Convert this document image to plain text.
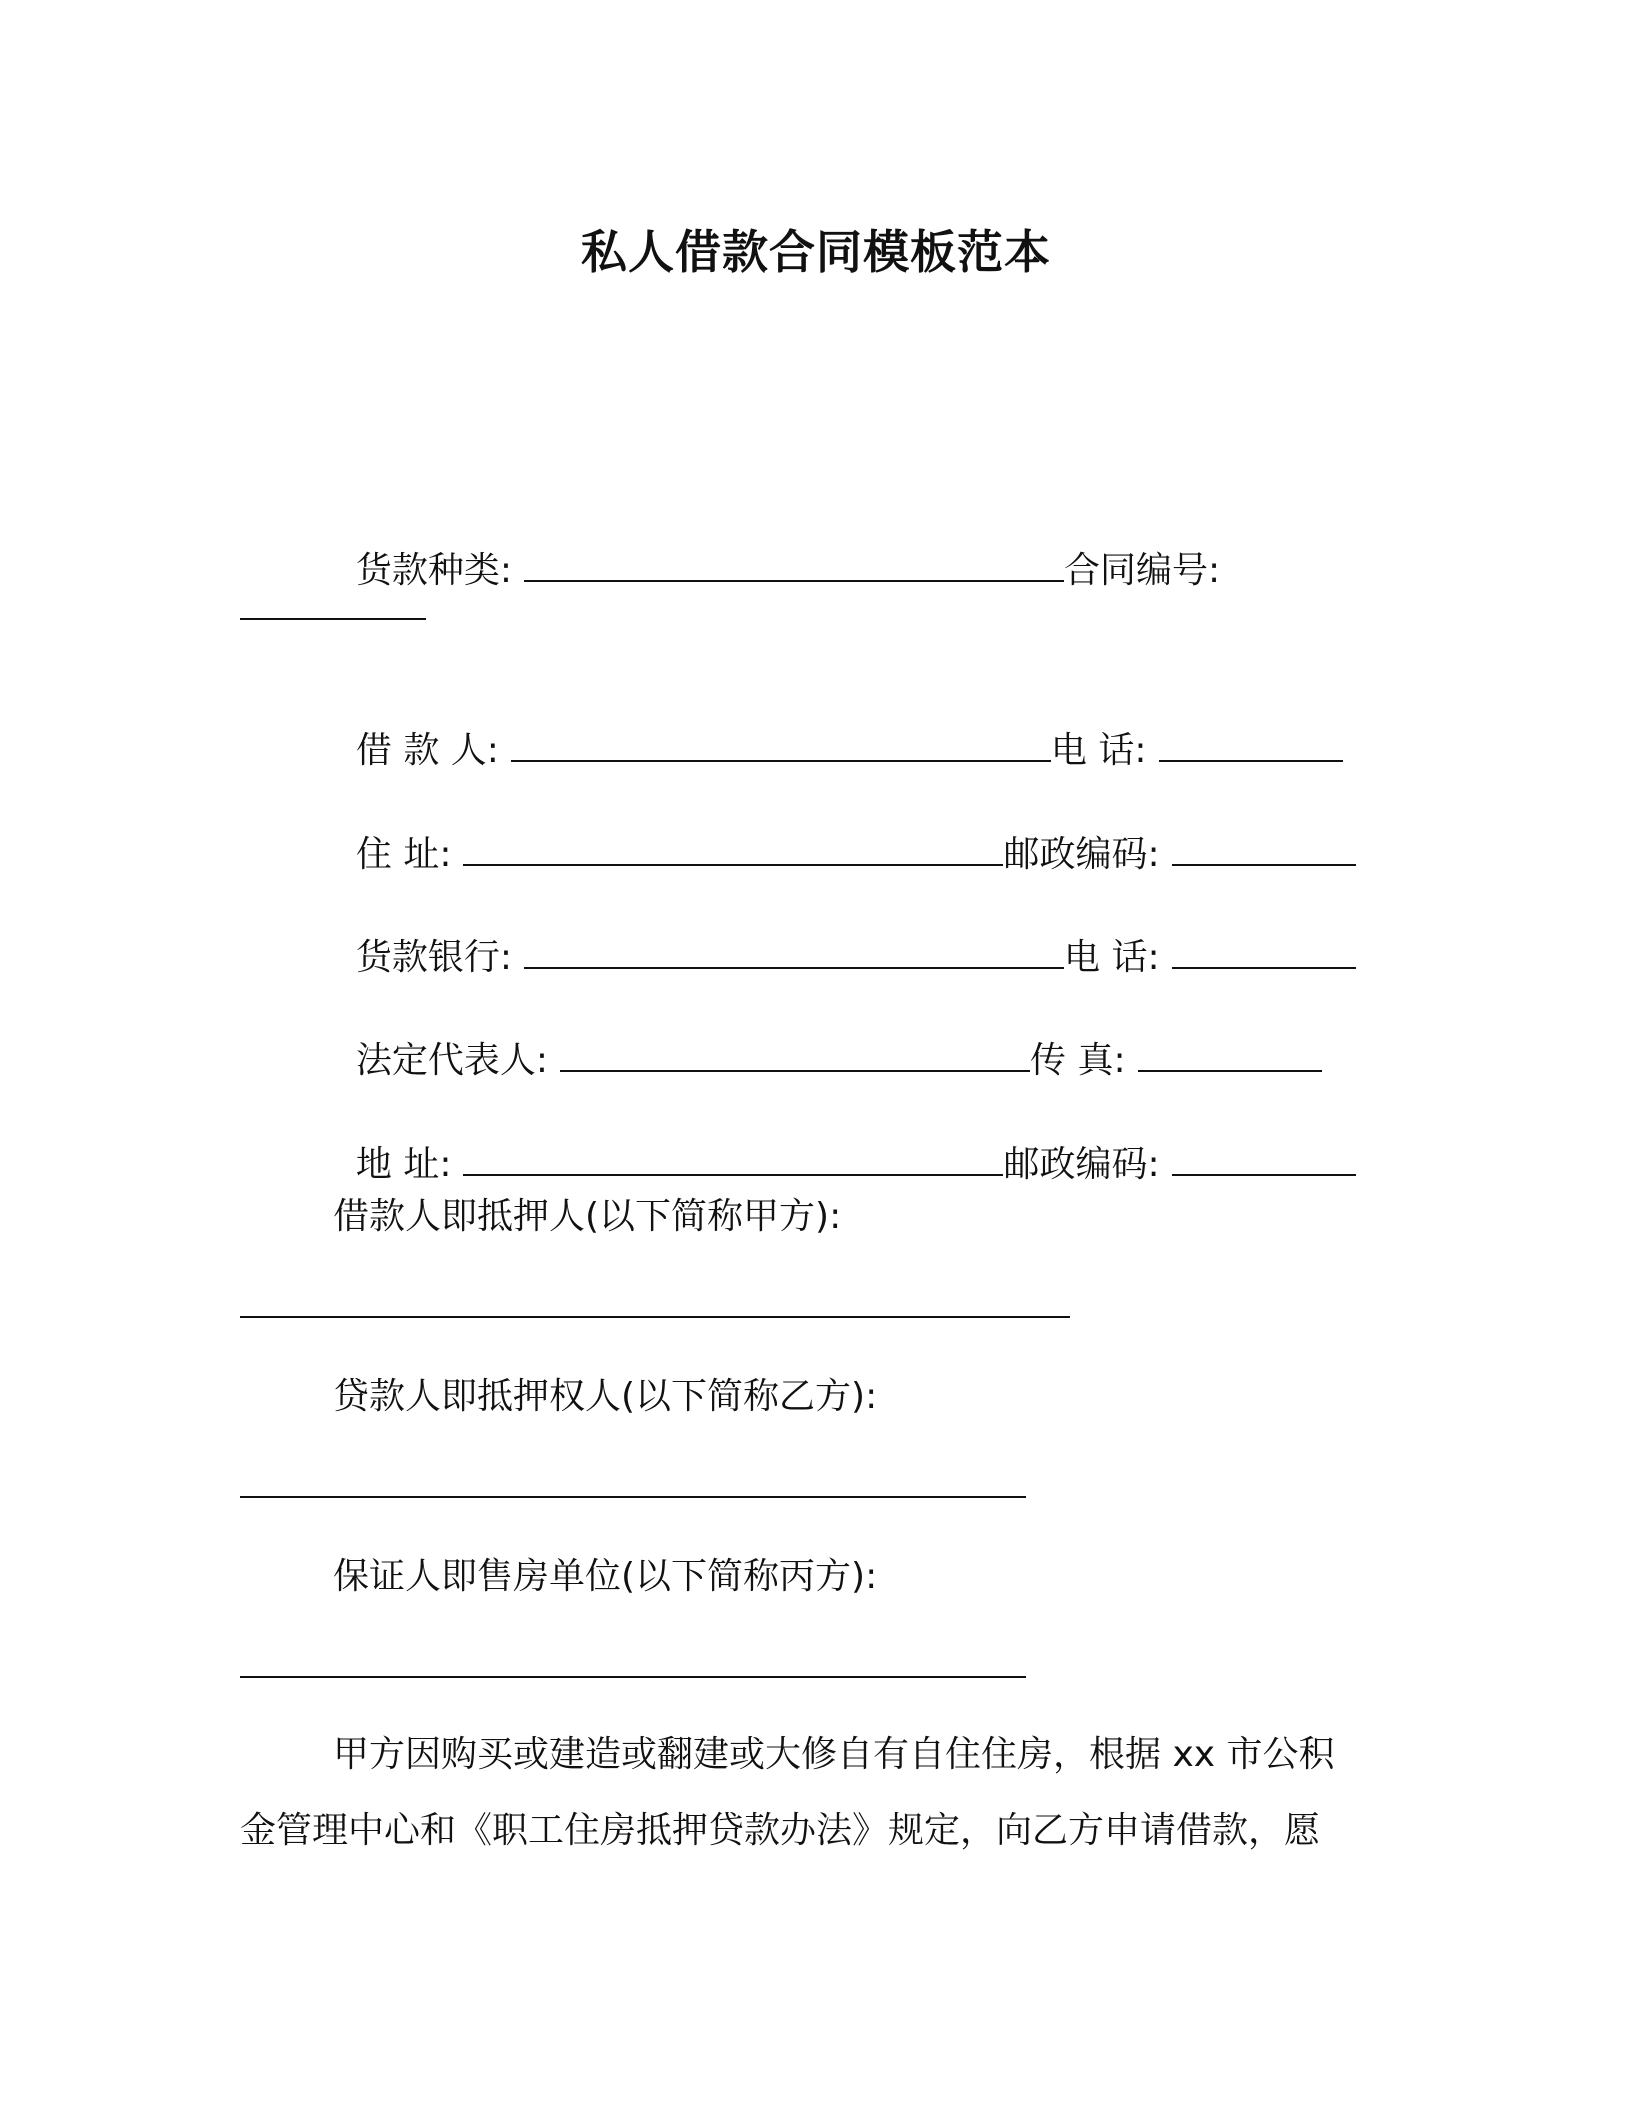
私人借款合同模板范本

货款种类:	合同编号:

借 款 人:	电 话:

住 址:	邮政编码:

货款银行:	电 话:

法定代表人:	传 真:

地 址:	邮政编码:

借款人即抵押人(以下简称甲方):
贷款人即抵押权人(以下简称乙方):
保证人即售房单位(以下简称丙方):
甲方因购买或建造或翻建或大修自有自住住房，根据 xx 市公积
金管理中心和《职工住房抵押贷款办法》规定，向乙方申请借款，愿
